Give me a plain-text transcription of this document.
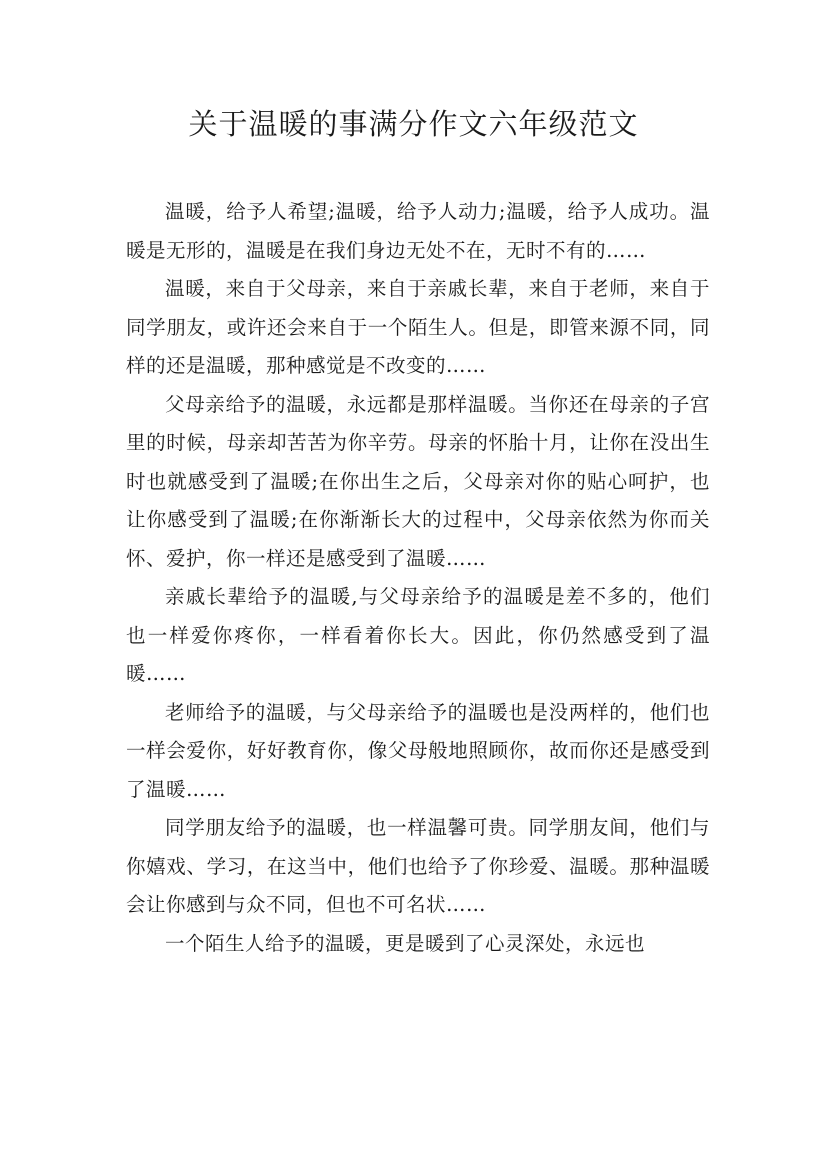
关于温暖的事满分作文六年级范文

温暖，给予人希望;温暖，给予人动力;温暖，给予人成功。温暖是无形的，温暖是在我们身边无处不在，无时不有的……

温暖，来自于父母亲，来自于亲戚长辈，来自于老师，来自于同学朋友，或许还会来自于一个陌生人。但是，即管来源不同，同样的还是温暖，那种感觉是不改变的……

父母亲给予的温暖，永远都是那样温暖。当你还在母亲的子宫里的时候，母亲却苦苦为你辛劳。母亲的怀胎十月，让你在没出生时也就感受到了温暖;在你出生之后，父母亲对你的贴心呵护，也让你感受到了温暖;在你渐渐长大的过程中，父母亲依然为你而关怀、爱护，你一样还是感受到了温暖……

亲戚长辈给予的温暖,与父母亲给予的温暖是差不多的，他们也一样爱你疼你，一样看着你长大。因此，你仍然感受到了温暖……

老师给予的温暖，与父母亲给予的温暖也是没两样的，他们也一样会爱你，好好教育你，像父母般地照顾你，故而你还是感受到了温暖……

同学朋友给予的温暖，也一样温馨可贵。同学朋友间，他们与你嬉戏、学习，在这当中，他们也给予了你珍爱、温暖。那种温暖会让你感到与众不同，但也不可名状……

一个陌生人给予的温暖，更是暖到了心灵深处，永远也
